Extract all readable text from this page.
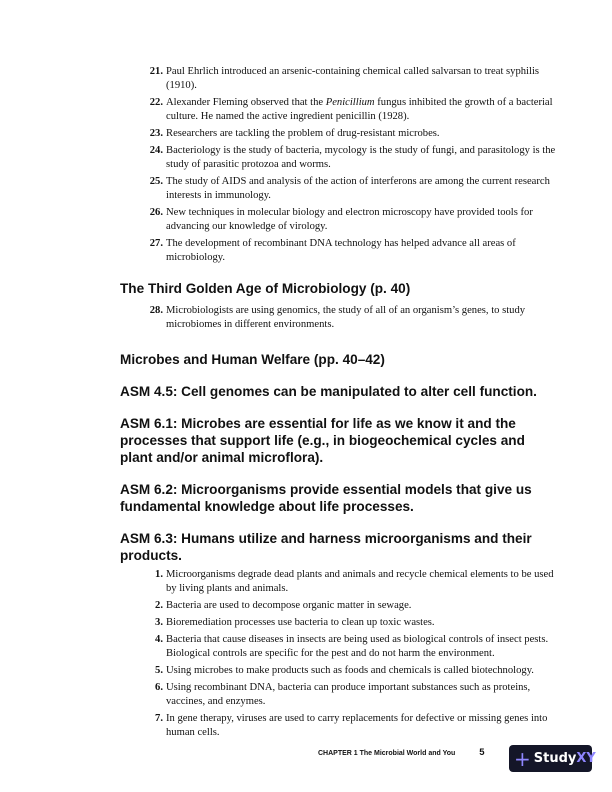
21. Paul Ehrlich introduced an arsenic-containing chemical called salvarsan to treat syphilis (1910).
22. Alexander Fleming observed that the Penicillium fungus inhibited the growth of a bacterial culture. He named the active ingredient penicillin (1928).
23. Researchers are tackling the problem of drug-resistant microbes.
24. Bacteriology is the study of bacteria, mycology is the study of fungi, and parasitology is the study of parasitic protozoa and worms.
25. The study of AIDS and analysis of the action of interferons are among the current research interests in immunology.
26. New techniques in molecular biology and electron microscopy have provided tools for advancing our knowledge of virology.
27. The development of recombinant DNA technology has helped advance all areas of microbiology.
The Third Golden Age of Microbiology (p. 40)
28. Microbiologists are using genomics, the study of all of an organism’s genes, to study microbiomes in different environments.
Microbes and Human Welfare (pp. 40–42)
ASM 4.5: Cell genomes can be manipulated to alter cell function.
ASM 6.1: Microbes are essential for life as we know it and the processes that support life (e.g., in biogeochemical cycles and plant and/or animal microflora).
ASM 6.2: Microorganisms provide essential models that give us fundamental knowledge about life processes.
ASM 6.3: Humans utilize and harness microorganisms and their products.
1. Microorganisms degrade dead plants and animals and recycle chemical elements to be used by living plants and animals.
2. Bacteria are used to decompose organic matter in sewage.
3. Bioremediation processes use bacteria to clean up toxic wastes.
4. Bacteria that cause diseases in insects are being used as biological controls of insect pests. Biological controls are specific for the pest and do not harm the environment.
5. Using microbes to make products such as foods and chemicals is called biotechnology.
6. Using recombinant DNA, bacteria can produce important substances such as proteins, vaccines, and enzymes.
7. In gene therapy, viruses are used to carry replacements for defective or missing genes into human cells.
CHAPTER 1 The Microbial World and You	5 + Study XY
